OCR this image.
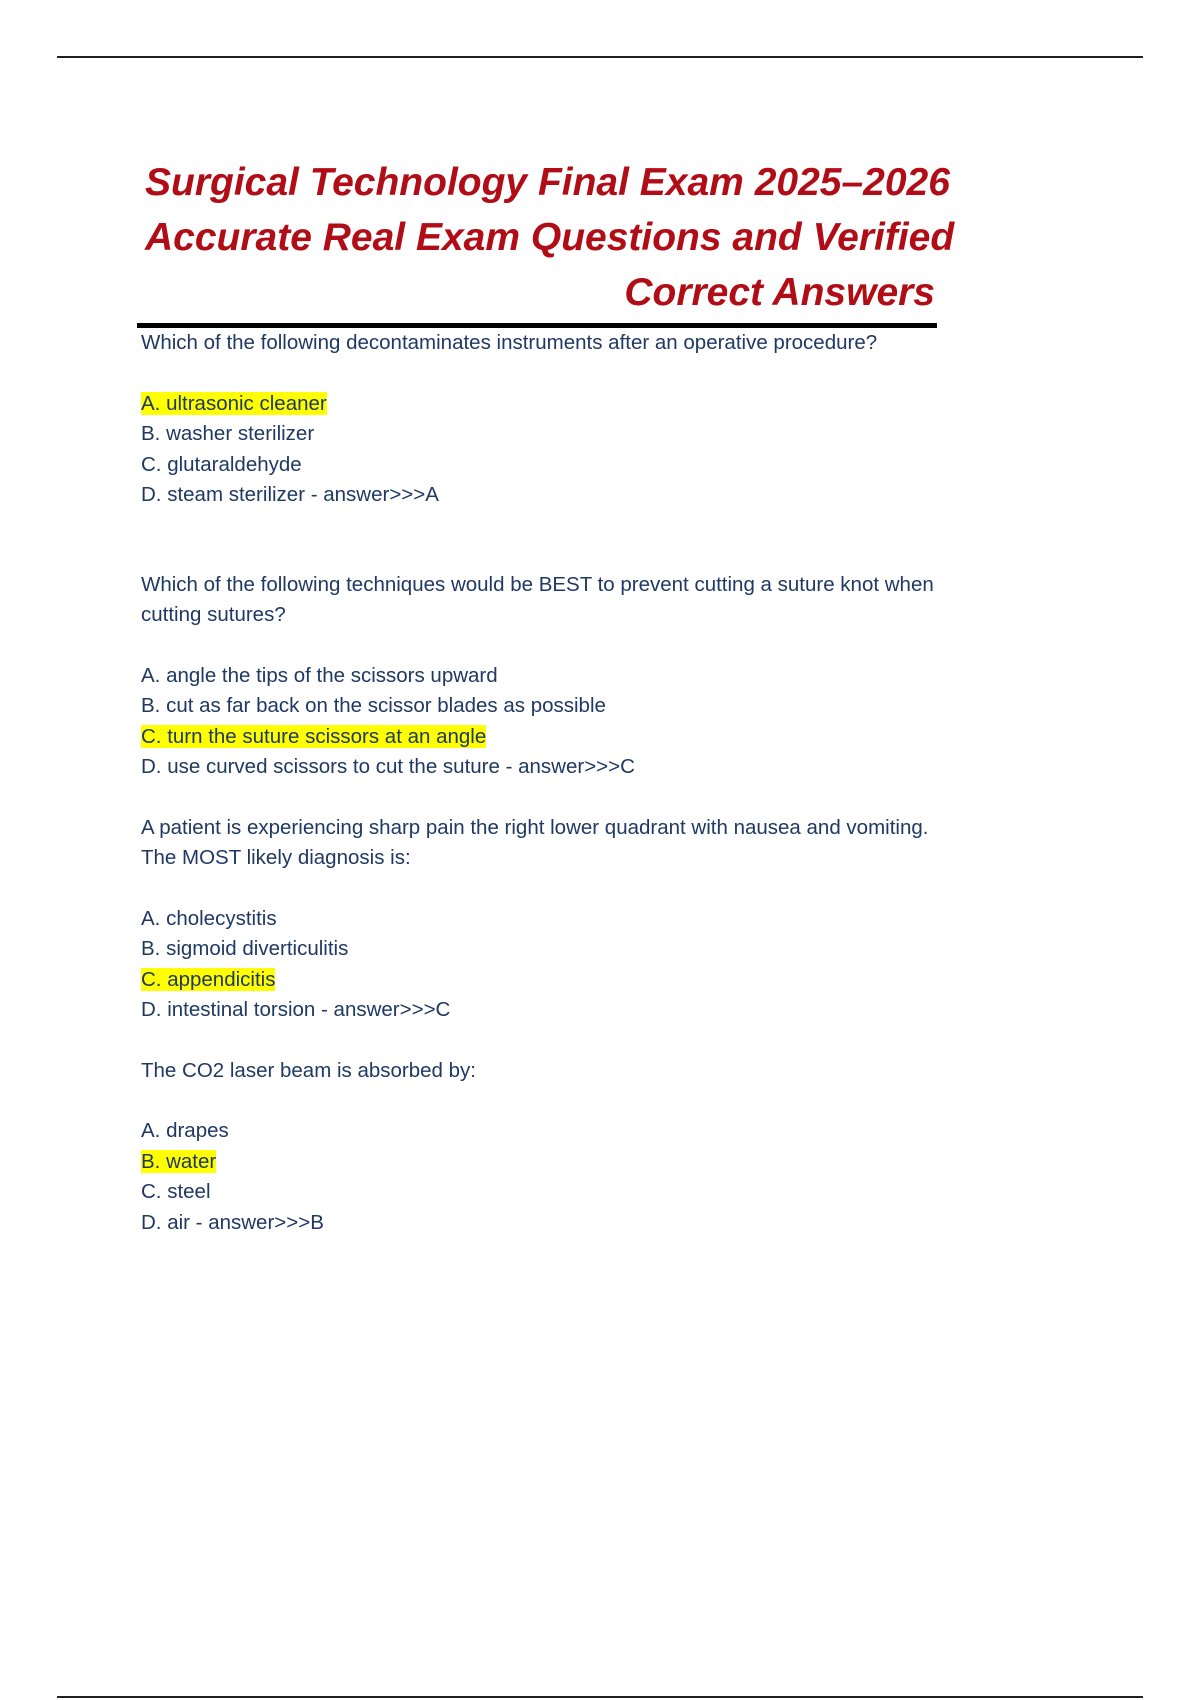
Surgical Technology Final Exam 2025–2026
Accurate Real Exam Questions and Verified
Correct Answers

Which of the following decontaminates instruments after an operative procedure?

A. ultrasonic cleaner
B. washer sterilizer
C. glutaraldehyde
D. steam sterilizer - answer>>>A

Which of the following techniques would be BEST to prevent cutting a suture knot when
cutting sutures?

A. angle the tips of the scissors upward
B. cut as far back on the scissor blades as possible
C. turn the suture scissors at an angle
D. use curved scissors to cut the suture - answer>>>C

A patient is experiencing sharp pain the right lower quadrant with nausea and vomiting.
The MOST likely diagnosis is:

A. cholecystitis
B. sigmoid diverticulitis
C. appendicitis
D. intestinal torsion - answer>>>C

The CO2 laser beam is absorbed by:

A. drapes
B. water
C. steel
D. air - answer>>>B
